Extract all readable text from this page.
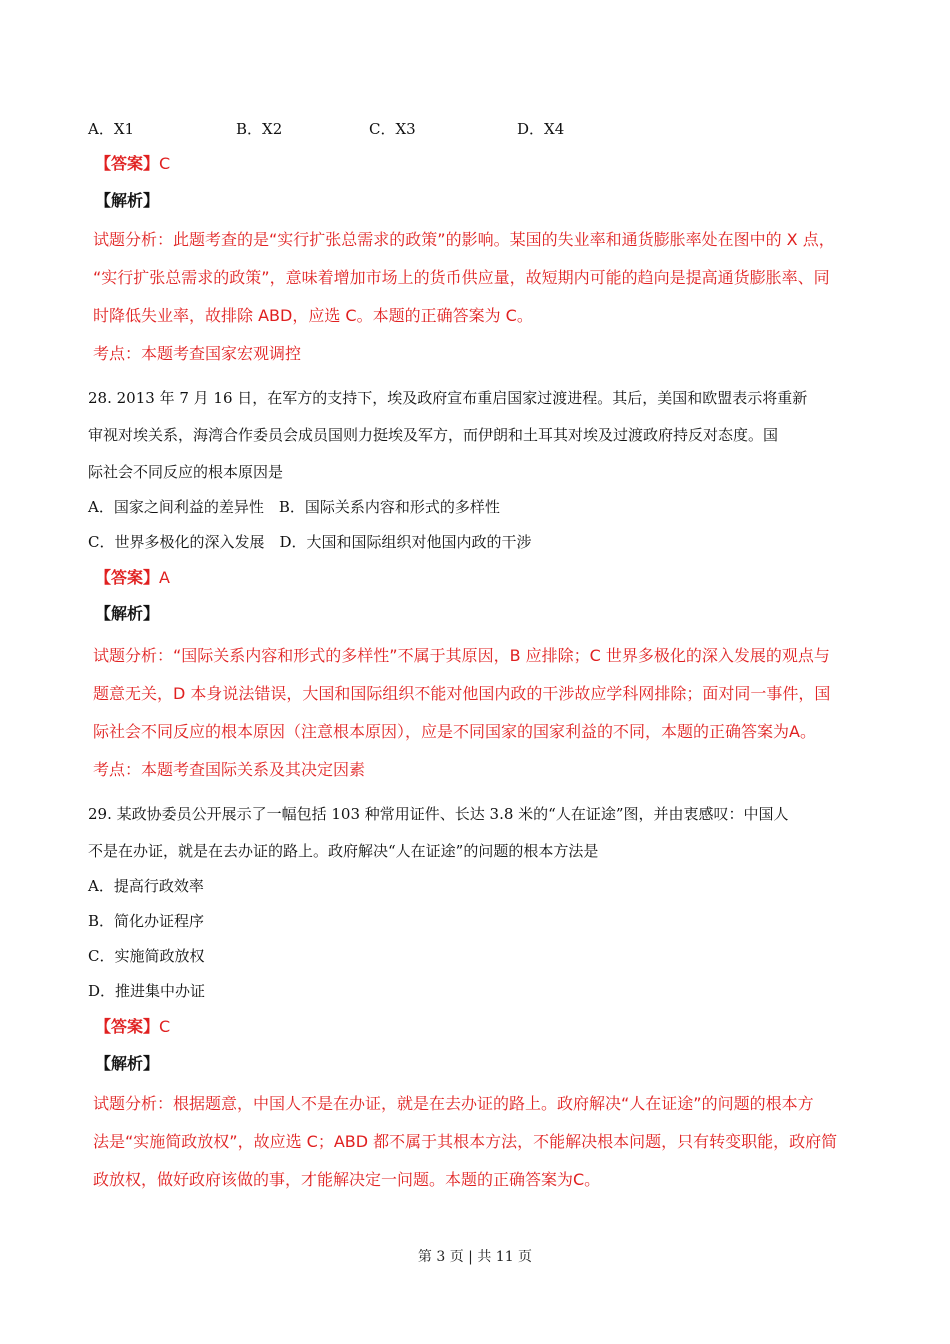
A．X1	B．X2	C．X3	D．X4
【答案】C
【解析】
试题分析：此题考查的是“实行扩张总需求的政策”的影响。某国的失业率和通货膨胀率处在图中的 X 点，
“实行扩张总需求的政策”，意味着增加市场上的货币供应量，故短期内可能的趋向是提高通货膨胀率、同
时降低失业率，故排除 ABD，应选 C。本题的正确答案为 C。
考点：本题考查国家宏观调控
28. 2013 年 7 月 16 日，在军方的支持下，埃及政府宣布重启国家过渡进程。其后，美国和欧盟表示将重新
审视对埃关系，海湾合作委员会成员国则力挺埃及军方，而伊朗和土耳其对埃及过渡政府持反对态度。国
际社会不同反应的根本原因是
A．国家之间利益的差异性　B．国际关系内容和形式的多样性
C．世界多极化的深入发展　D．大国和国际组织对他国内政的干涉
【答案】A
【解析】
试题分析：“国际关系内容和形式的多样性”不属于其原因，B 应排除；C 世界多极化的深入发展的观点与
题意无关，D 本身说法错误，大国和国际组织不能对他国内政的干涉故应学科网排除；面对同一事件，国
际社会不同反应的根本原因（注意根本原因），应是不同国家的国家利益的不同，本题的正确答案为A。
考点：本题考查国际关系及其决定因素
29. 某政协委员公开展示了一幅包括 103 种常用证件、长达 3.8 米的“人在证途”图，并由衷感叹：中国人
不是在办证，就是在去办证的路上。政府解决“人在证途”的问题的根本方法是
A．提高行政效率
B．简化办证程序
C．实施简政放权
D．推进集中办证
【答案】C
【解析】
试题分析：根据题意，中国人不是在办证，就是在去办证的路上。政府解决“人在证途”的问题的根本方
法是“实施简政放权”，故应选 C；ABD 都不属于其根本方法，不能解决根本问题，只有转变职能，政府简
政放权，做好政府该做的事，才能解决定一问题。本题的正确答案为C。
第 3 页 | 共 11 页
